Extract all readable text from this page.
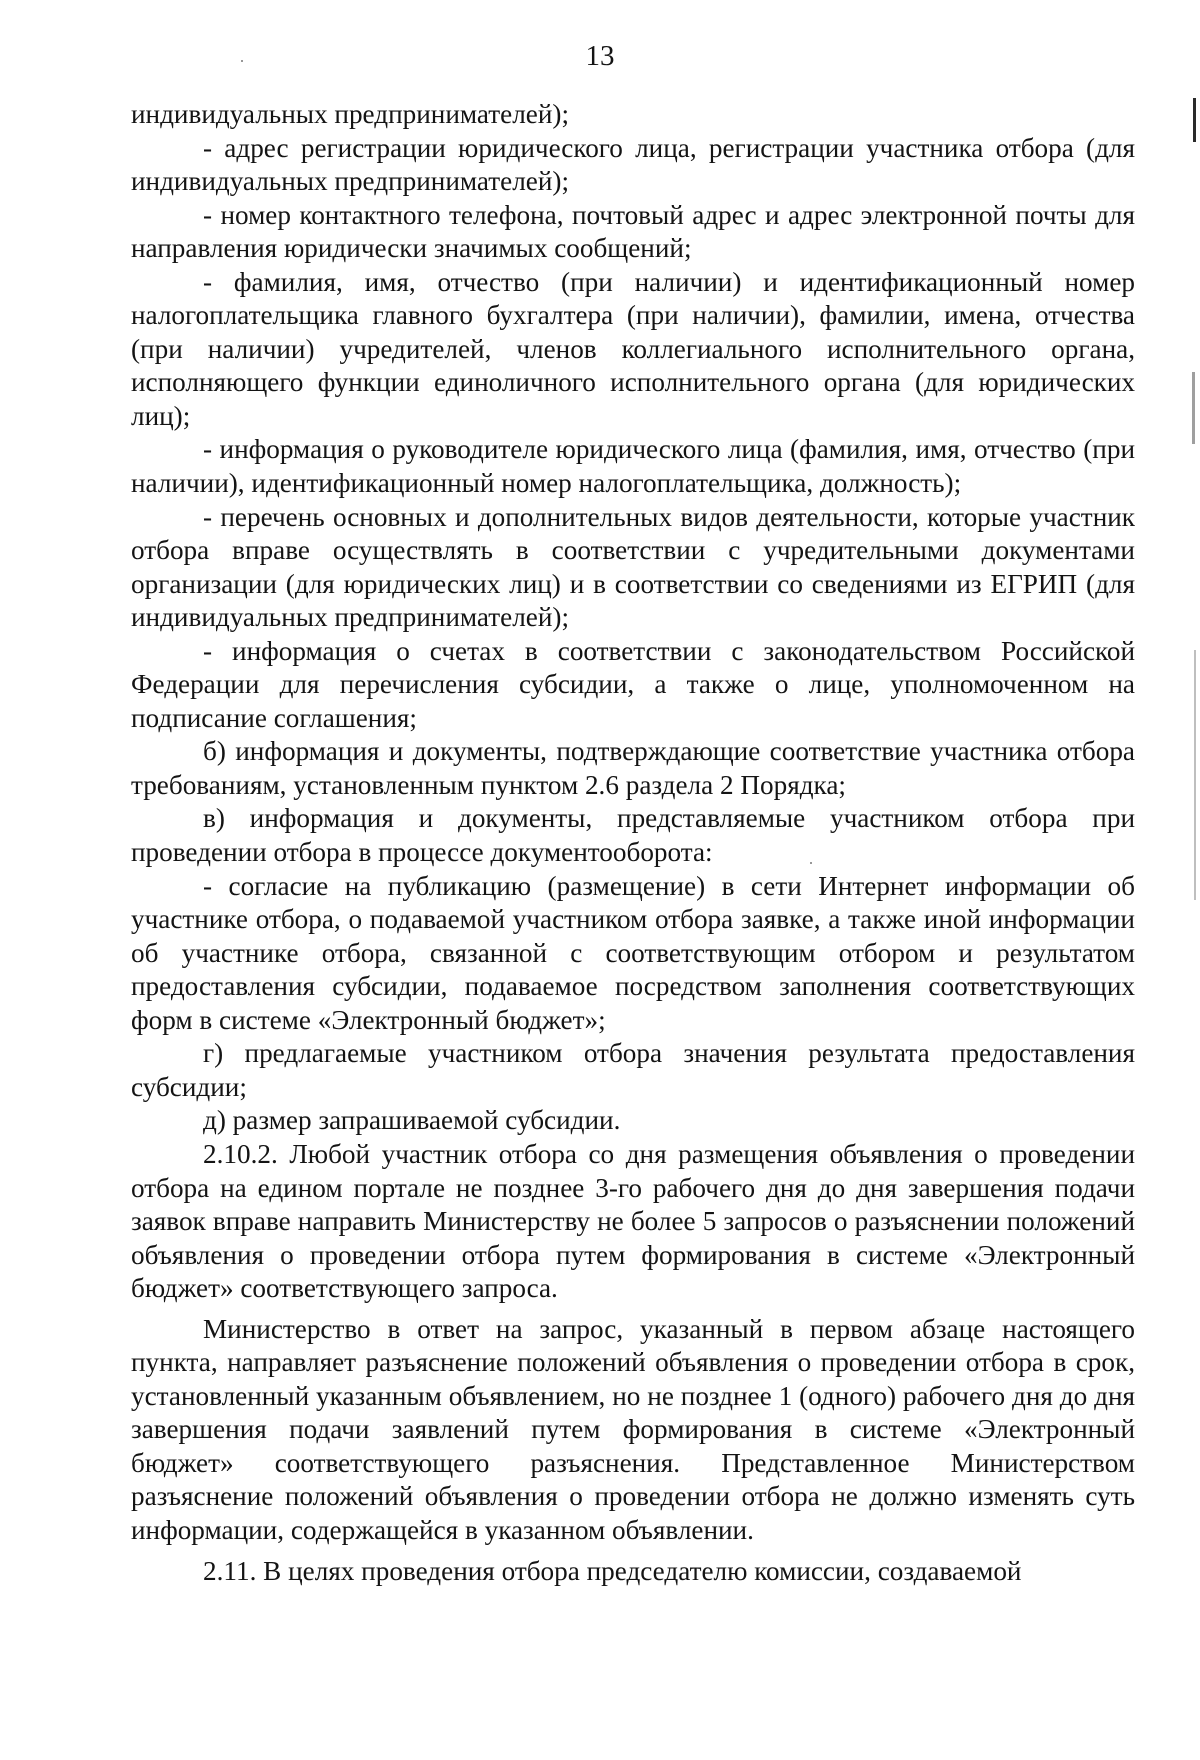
13

индивидуальных предпринимателей);

- адрес регистрации юридического лица, регистрации участника отбора (для индивидуальных предпринимателей);

- номер контактного телефона, почтовый адрес и адрес электронной почты для направления юридически значимых сообщений;

- фамилия, имя, отчество (при наличии) и идентификационный номер налогоплательщика главного бухгалтера (при наличии), фамилии, имена, отчества (при наличии) учредителей, членов коллегиального исполнительного органа, исполняющего функции единоличного исполнительного органа (для юридических лиц);

- информация о руководителе юридического лица (фамилия, имя, отчество (при наличии), идентификационный номер налогоплательщика, должность);

- перечень основных и дополнительных видов деятельности, которые участник отбора вправе осуществлять в соответствии с учредительными документами организации (для юридических лиц) и в соответствии со сведениями из ЕГРИП (для индивидуальных предпринимателей);

- информация о счетах в соответствии с законодательством Российской Федерации для перечисления субсидии, а также о лице, уполномоченном на подписание соглашения;

б) информация и документы, подтверждающие соответствие участника отбора требованиям, установленным пунктом 2.6 раздела 2 Порядка;

в) информация и документы, представляемые участником отбора при проведении отбора в процессе документооборота:

- согласие на публикацию (размещение) в сети Интернет информации об участнике отбора, о подаваемой участником отбора заявке, а также иной информации об участнике отбора, связанной с соответствующим отбором и результатом предоставления субсидии, подаваемое посредством заполнения соответствующих форм в системе «Электронный бюджет»;

г) предлагаемые участником отбора значения результата предоставления субсидии;

д) размер запрашиваемой субсидии.

2.10.2. Любой участник отбора со дня размещения объявления о проведении отбора на едином портале не позднее 3-го рабочего дня до дня завершения подачи заявок вправе направить Министерству не более 5 запросов о разъяснении положений объявления о проведении отбора путем формирования в системе «Электронный бюджет» соответствующего запроса.

Министерство в ответ на запрос, указанный в первом абзаце настоящего пункта, направляет разъяснение положений объявления о проведении отбора в срок, установленный указанным объявлением, но не позднее 1 (одного) рабочего дня до дня завершения подачи заявлений путем формирования в системе «Электронный бюджет» соответствующего разъяснения. Представленное Министерством разъяснение положений объявления о проведении отбора не должно изменять суть информации, содержащейся в указанном объявлении.

2.11. В целях проведения отбора председателю комиссии, создаваемой
